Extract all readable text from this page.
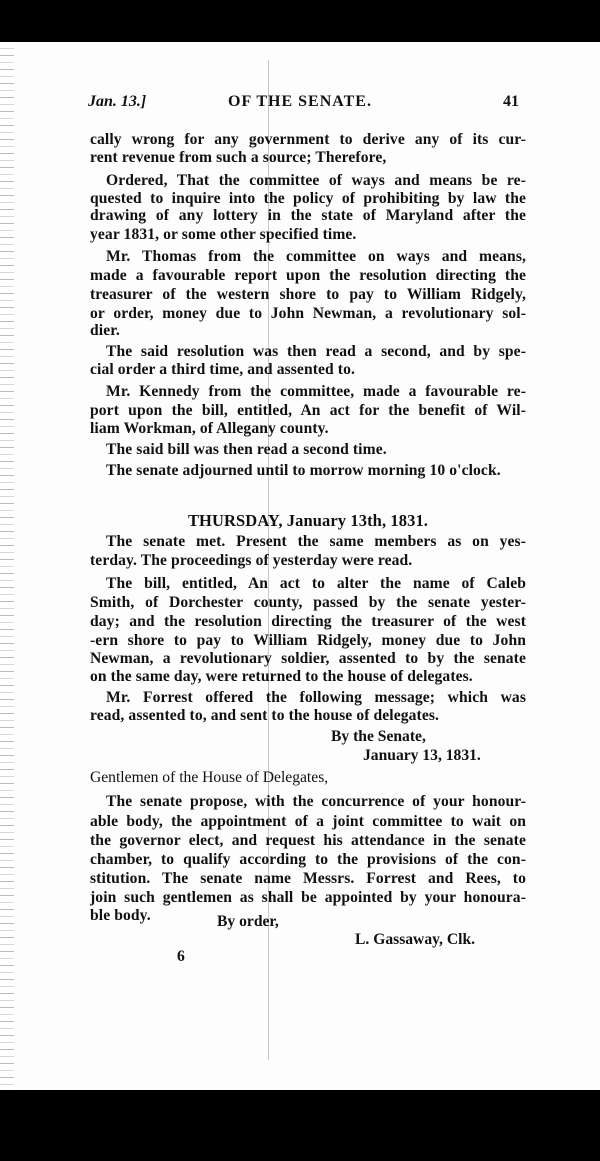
Jan. 13.]	OF THE SENATE.	41
cally wrong for any government to derive any of its cur-
rent revenue from such a source; Therefore,
Ordered, That the committee of ways and means be re-
quested to inquire into the policy of prohibiting by law the
drawing of any lottery in the state of Maryland after the
year 1831, or some other specified time.
Mr. Thomas from the committee on ways and means,
made a favourable report upon the resolution directing the
treasurer of the western shore to pay to William Ridgely,
or order, money due to John Newman, a revolutionary sol-
dier.
The said resolution was then read a second, and by spe-
cial order a third time, and assented to.
Mr. Kennedy from the committee, made a favourable re-
port upon the bill, entitled, An act for the benefit of Wil-
liam Workman, of Allegany county.
The said bill was then read a second time.
The senate adjourned until to morrow morning 10 o'clock.
THURSDAY, January 13th, 1831.
The senate met. Present the same members as on yes-
terday. The proceedings of yesterday were read.
The bill, entitled, An act to alter the name of Caleb
Smith, of Dorchester county, passed by the senate yester-
day; and the resolution directing the treasurer of the west
-ern shore to pay to William Ridgely, money due to John
Newman, a revolutionary soldier, assented to by the senate
on the same day, were returned to the house of delegates.
Mr. Forrest offered the following message; which was
read, assented to, and sent to the house of delegates.
The senate propose, with the concurrence of your honour-
able body, the appointment of a joint committee to wait on
the governor elect, and request his attendance in the senate
chamber, to qualify according to the provisions of the con-
stitution. The senate name Messrs. Forrest and Rees, to
join such gentlemen as shall be appointed by your honoura-
ble body.
By the Senate,
January 13, 1831.
Gentlemen of the House of Delegates,
By order,
L. Gassaway, Clk.
6
